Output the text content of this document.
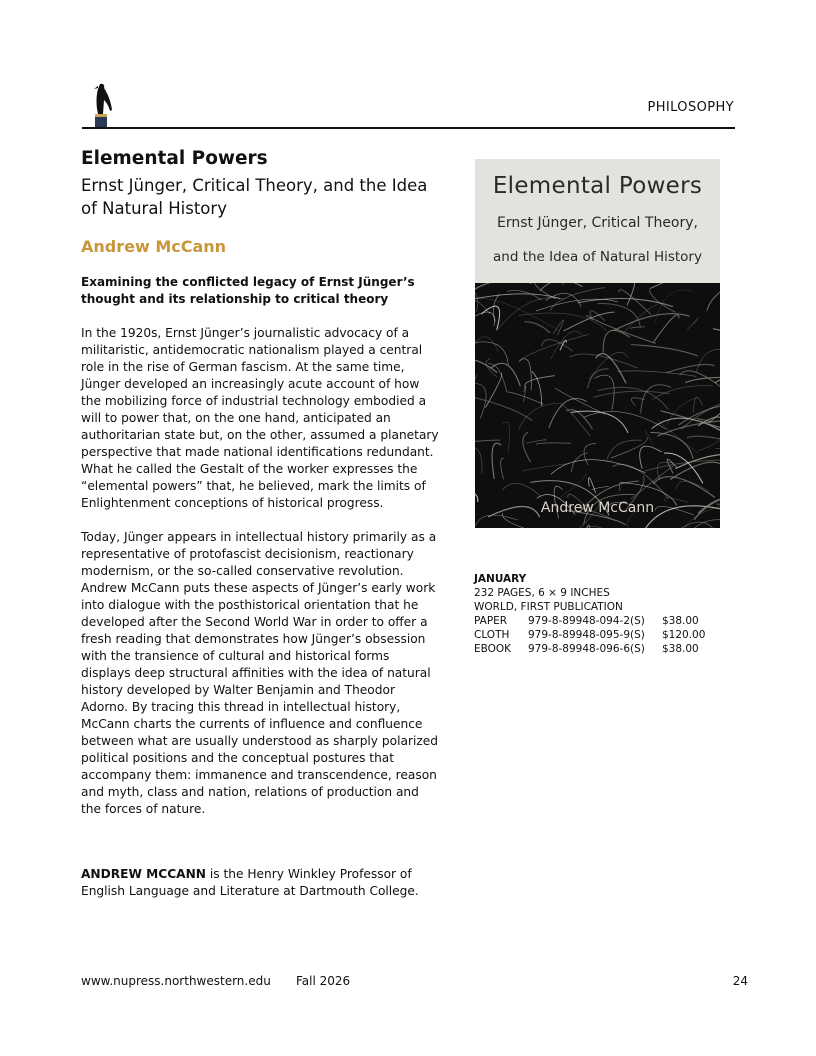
PHILOSOPHY
Elemental Powers
Ernst Jünger, Critical Theory, and the Idea of Natural History
Andrew McCann
Examining the conflicted legacy of Ernst Jünger’s thought and its relationship to critical theory

In the 1920s, Ernst Jünger’s journalistic advocacy of a militaristic, antidemocratic nationalism played a central role in the rise of German fascism. At the same time, Jünger developed an increasingly acute account of how the mobilizing force of industrial technology embodied a will to power that, on the one hand, anticipated an authoritarian state but, on the other, assumed a planetary perspective that made national identifications redundant. What he called the Gestalt of the worker expresses the “elemental powers” that, he believed, mark the limits of Enlightenment conceptions of historical progress.

Today, Jünger appears in intellectual history primarily as a representative of protofascist decisionism, reactionary modernism, or the so-called conservative revolution. Andrew McCann puts these aspects of Jünger’s early work into dialogue with the posthistorical orientation that he developed after the Second World War in order to offer a fresh reading that demonstrates how Jünger’s obsession with the transience of cultural and historical forms displays deep structural affinities with the idea of natural history developed by Walter Benjamin and Theodor Adorno. By tracing this thread in intellectual history, McCann charts the currents of influence and confluence between what are usually understood as sharply polarized political positions and the conceptual postures that accompany them: immanence and transcendence, reason and myth, class and nation, relations of production and the forces of nature.

ANDREW MCCANN is the Henry Winkley Professor of English Language and Literature at Dartmouth College.
Elemental Powers
Ernst Jünger, Critical Theory,
and the Idea of Natural History
Andrew McCann
JANUARY
232 PAGES, 6 × 9 INCHES
WORLD, FIRST PUBLICATION
PAPER 979-8-89948-094-2(S) $38.00
CLOTH 979-8-89948-095-9(S) $120.00
EBOOK 979-8-89948-096-6(S) $38.00
www.nupress.northwestern.edu Fall 2026	24
